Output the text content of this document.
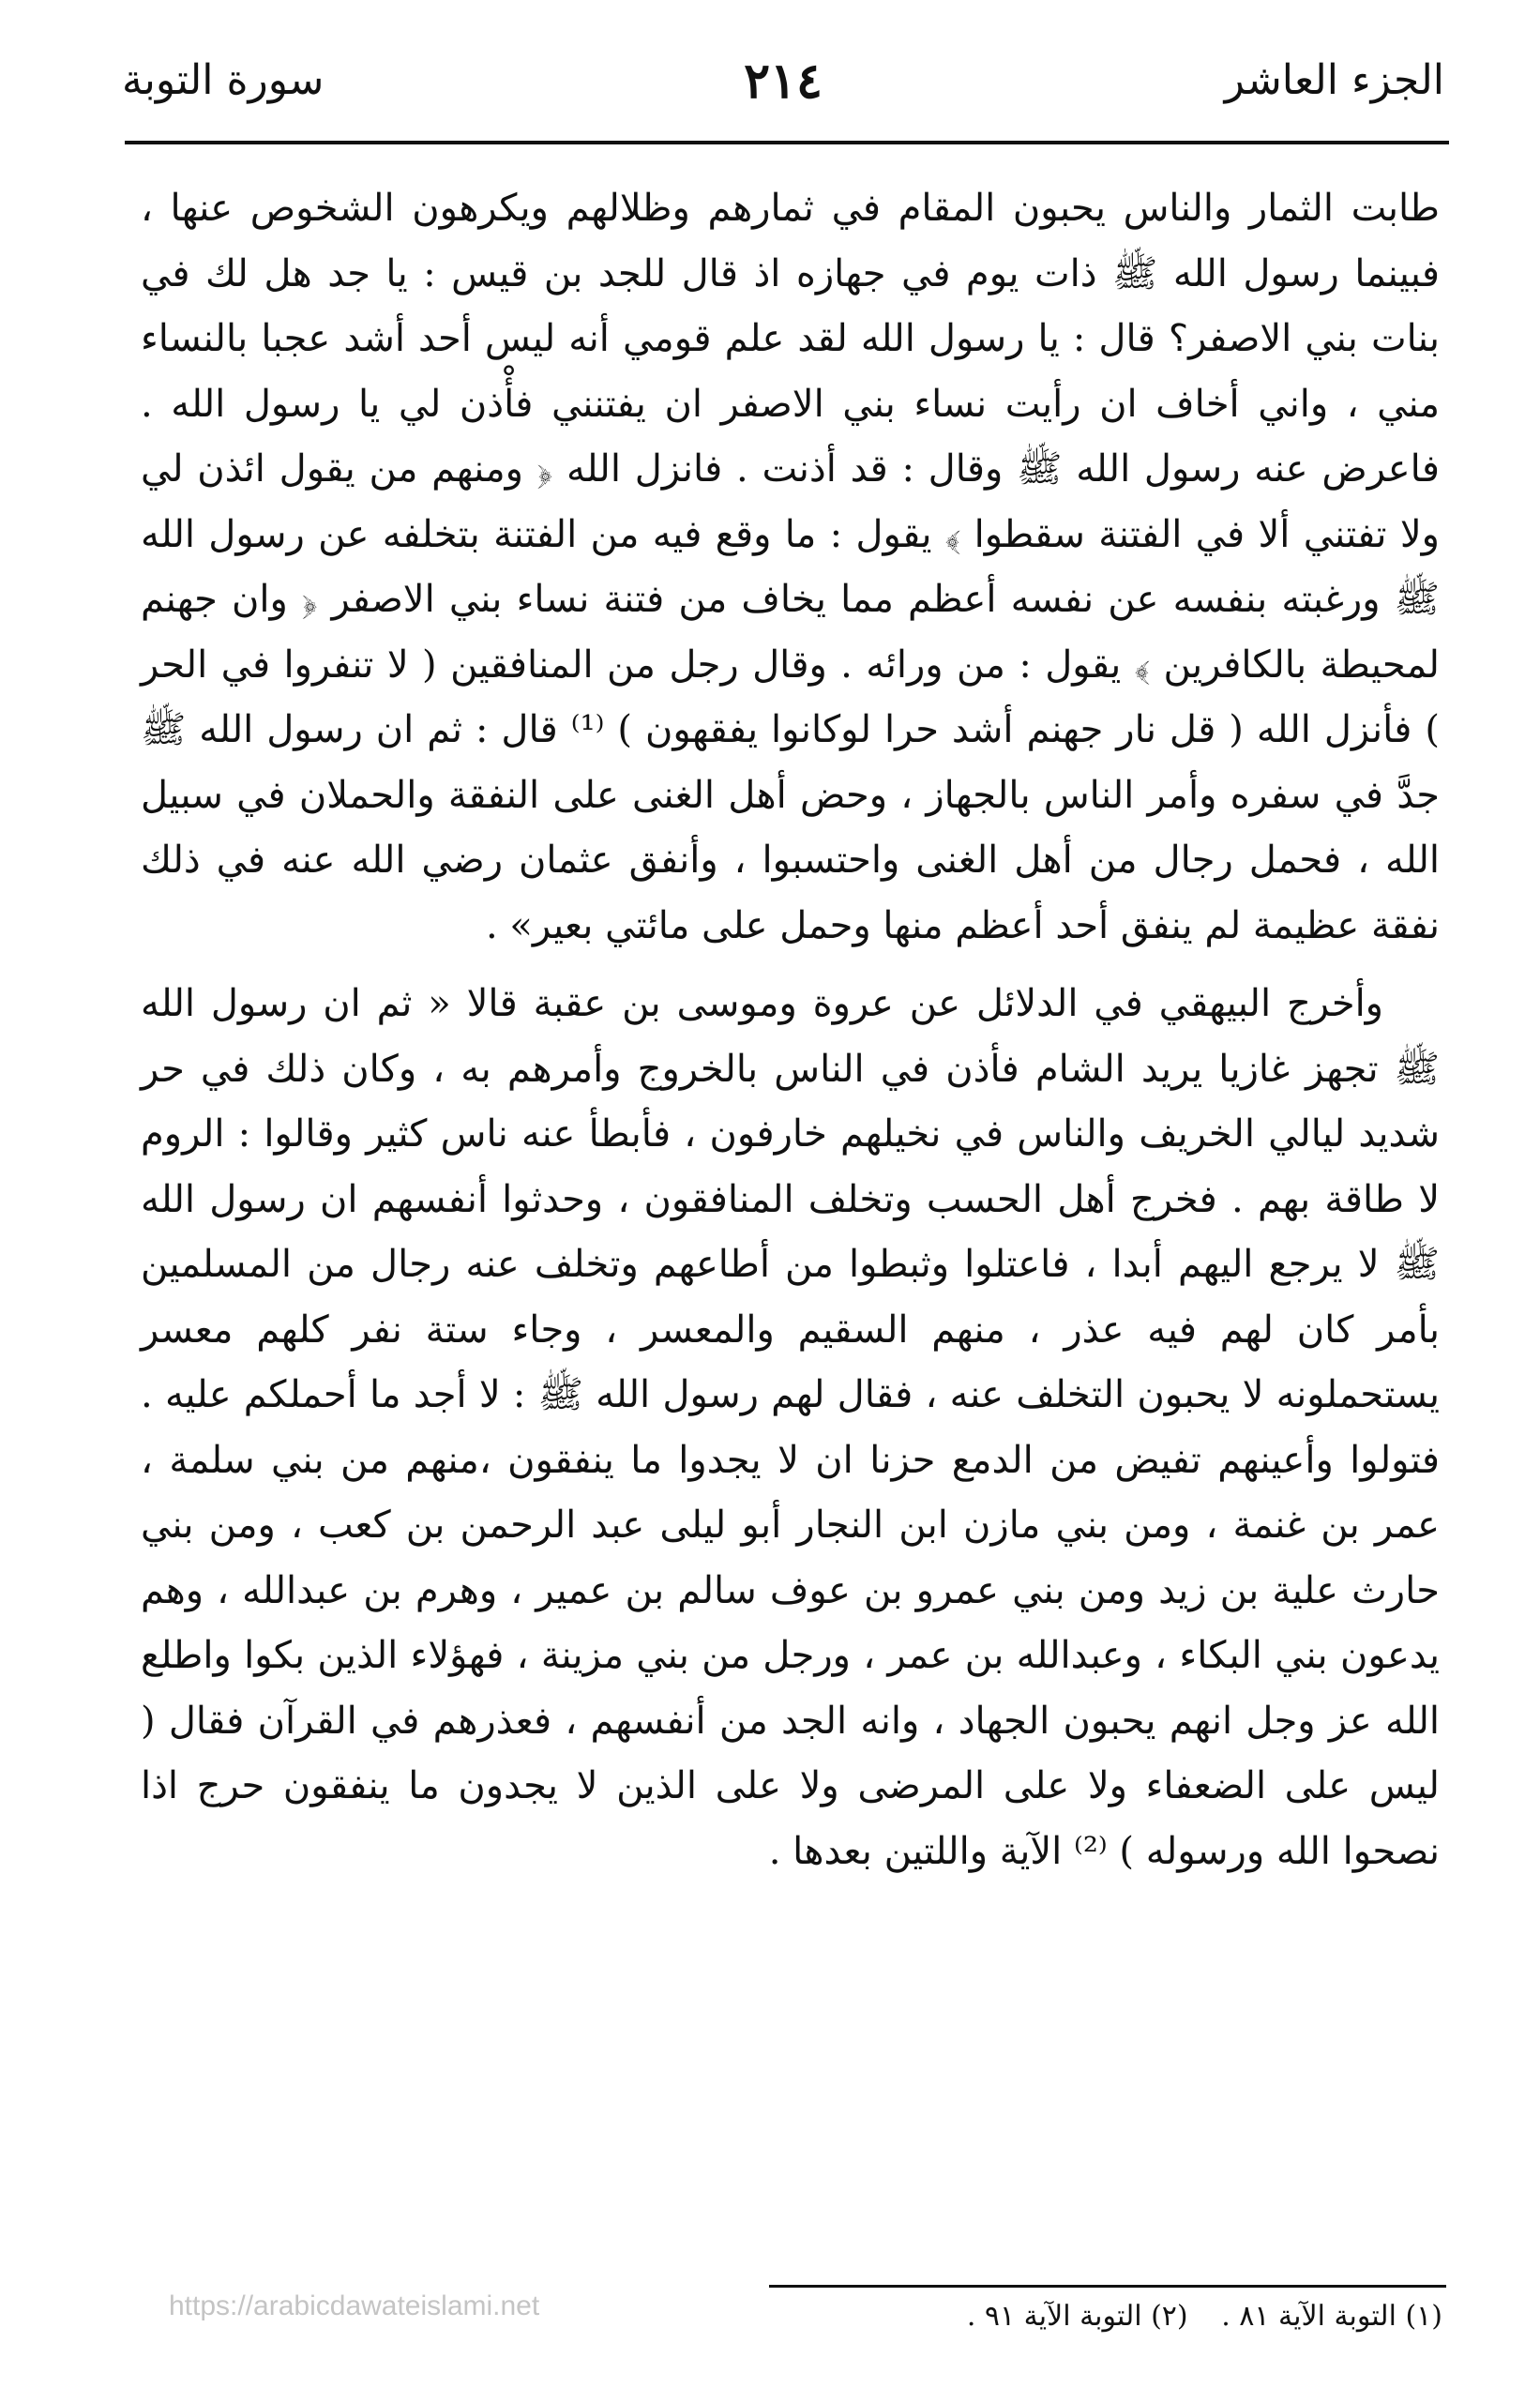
الجزء العاشر
٢١٤
سورة التوبة

طابت الثمار والناس يحبون المقام في ثمارهم وظلالهم ويكرهون الشخوص عنها ، فبينما رسول الله ﷺ ذات يوم في جهازه اذ قال للجد بن قيس : يا جد هل لك في بنات بني الاصفر؟ قال : يا رسول الله لقد علم قومي أنه ليس أحد أشد عجبا بالنساء مني ، واني أخاف ان رأيت نساء بني الاصفر ان يفتنني فأْذن لي يا رسول الله . فاعرض عنه رسول الله ﷺ وقال : قد أذنت . فانزل الله ﴿ ومنهم من يقول ائذن لي ولا تفتني ألا في الفتنة سقطوا ﴾ يقول : ما وقع فيه من الفتنة بتخلفه عن رسول الله ﷺ ورغبته بنفسه عن نفسه أعظم مما يخاف من فتنة نساء بني الاصفر ﴿ وان جهنم لمحيطة بالكافرين ﴾ يقول : من ورائه . وقال رجل من المنافقين ( لا تنفروا في الحر ) فأنزل الله ( قل نار جهنم أشد حرا لوكانوا يفقهون ) ⁽¹⁾ قال : ثم ان رسول الله ﷺ جدَّ في سفره وأمر الناس بالجهاز ، وحض أهل الغنى على النفقة والحملان في سبيل الله ، فحمل رجال من أهل الغنى واحتسبوا ، وأنفق عثمان رضي الله عنه في ذلك نفقة عظيمة لم ينفق أحد أعظم منها وحمل على مائتي بعير» .

وأخرج البيهقي في الدلائل عن عروة وموسى بن عقبة قالا « ثم ان رسول الله ﷺ تجهز غازيا يريد الشام فأذن في الناس بالخروج وأمرهم به ، وكان ذلك في حر شديد ليالي الخريف والناس في نخيلهم خارفون ، فأبطأ عنه ناس كثير وقالوا : الروم لا طاقة بهم . فخرج أهل الحسب وتخلف المنافقون ، وحدثوا أنفسهم ان رسول الله ﷺ لا يرجع اليهم أبدا ، فاعتلوا وثبطوا من أطاعهم وتخلف عنه رجال من المسلمين بأمر كان لهم فيه عذر ، منهم السقيم والمعسر ، وجاء ستة نفر كلهم معسر يستحملونه لا يحبون التخلف عنه ، فقال لهم رسول الله ﷺ : لا أجد ما أحملكم عليه . فتولوا وأعينهم تفيض من الدمع حزنا ان لا يجدوا ما ينفقون ،منهم من بني سلمة ، عمر بن غنمة ، ومن بني مازن ابن النجار أبو ليلى عبد الرحمن بن كعب ، ومن بني حارث علية بن زيد ومن بني عمرو بن عوف سالم بن عمير ، وهرم بن عبدالله ، وهم يدعون بني البكاء ، وعبدالله بن عمر ، ورجل من بني مزينة ، فهؤلاء الذين بكوا واطلع الله عز وجل انهم يحبون الجهاد ، وانه الجد من أنفسهم ، فعذرهم في القرآن فقال ( ليس على الضعفاء ولا على المرضى ولا على الذين لا يجدون ما ينفقون حرج اذا نصحوا الله ورسوله ) ⁽²⁾ الآية واللتين بعدها .

(١) التوبة الآية ٨١ . (٢) التوبة الآية ٩١ .
https://arabicdawateislami.net
